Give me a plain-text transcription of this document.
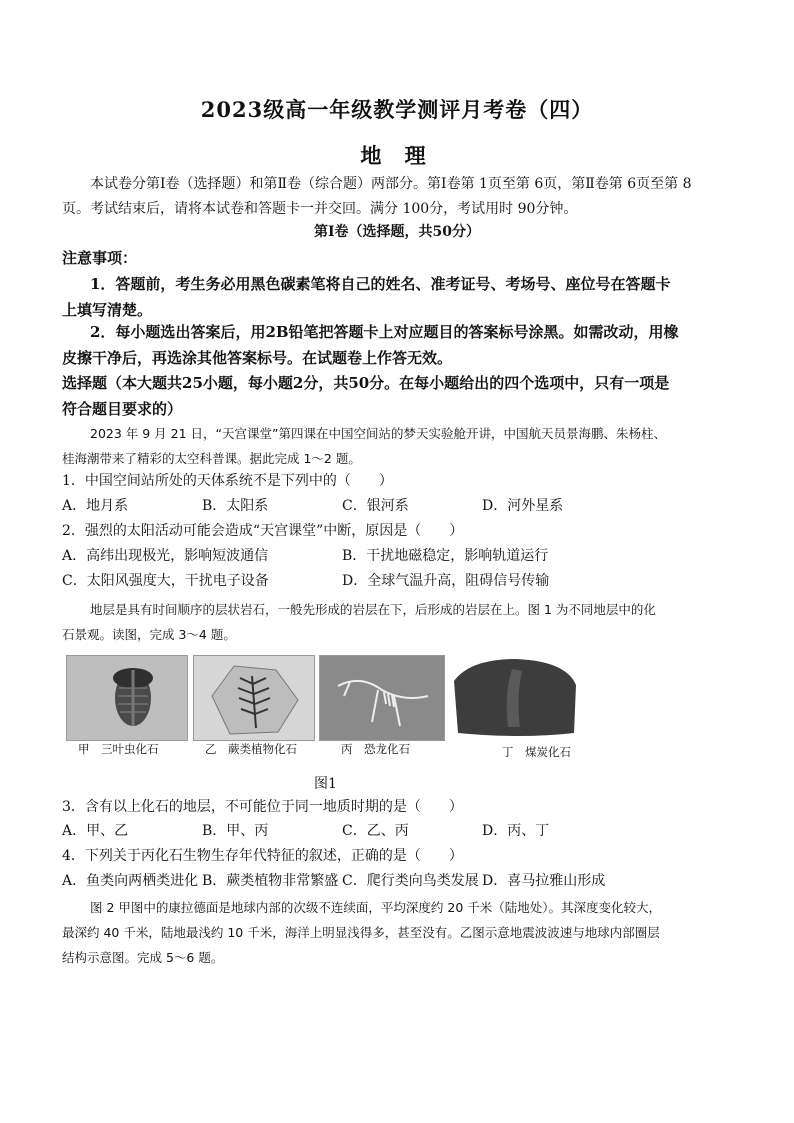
2023级高一年级教学测评月考卷（四）
地 理
本试卷分第Ⅰ卷（选择题）和第Ⅱ卷（综合题）两部分。第Ⅰ卷第 1页至第 6页，第Ⅱ卷第 6页至第 8
页。考试结束后，请将本试卷和答题卡一并交回。满分 100分，考试用时 90分钟。
第Ⅰ卷（选择题，共50分）
注意事项：
1．答题前，考生务必用黑色碳素笔将自己的姓名、准考证号、考场号、座位号在答题卡
上填写清楚。
2．每小题选出答案后，用2B铅笔把答题卡上对应题目的答案标号涂黑。如需改动，用橡
皮擦干净后，再选涂其他答案标号。在试题卷上作答无效。
选择题（本大题共25小题，每小题2分，共50分。在每小题给出的四个选项中，只有一项是
符合题目要求的）
2023 年 9 月 21 日，“天宫课堂”第四课在中国空间站的梦天实验舱开讲，中国航天员景海鹏、朱杨柱、
桂海潮带来了精彩的太空科普课。据此完成 1～2 题。
1．中国空间站所处的天体系统不是下列中的（　　）
A．地月系	B．太阳系	C．银河系	D．河外星系
2．强烈的太阳活动可能会造成“天宫课堂”中断，原因是（　　）
A．高纬出现极光，影响短波通信	B．干扰地磁稳定，影响轨道运行
C．太阳风强度大，干扰电子设备	D．全球气温升高，阻碍信号传输
地层是具有时间顺序的层状岩石，一般先形成的岩层在下，后形成的岩层在上。图 1 为不同地层中的化
石景观。读图，完成 3～4 题。
甲　三叶虫化石	乙　蕨类植物化石	丙　恐龙化石	丁　煤炭化石
图1
3．含有以上化石的地层，不可能位于同一地质时期的是（　　）
A．甲、乙	B．甲、丙	C．乙、丙	D．丙、丁
4．下列关于丙化石生物生存年代特征的叙述，正确的是（　　）
A．鱼类向两栖类进化 B．蕨类植物非常繁盛 C．爬行类向鸟类发展 D．喜马拉雅山形成
图 2 甲图中的康拉德面是地球内部的次级不连续面，平均深度约 20 千米（陆地处）。其深度变化较大，
最深约 40 千米，陆地最浅约 10 千米，海洋上明显浅得多，甚至没有。乙图示意地震波波速与地球内部圈层
结构示意图。完成 5～6 题。
